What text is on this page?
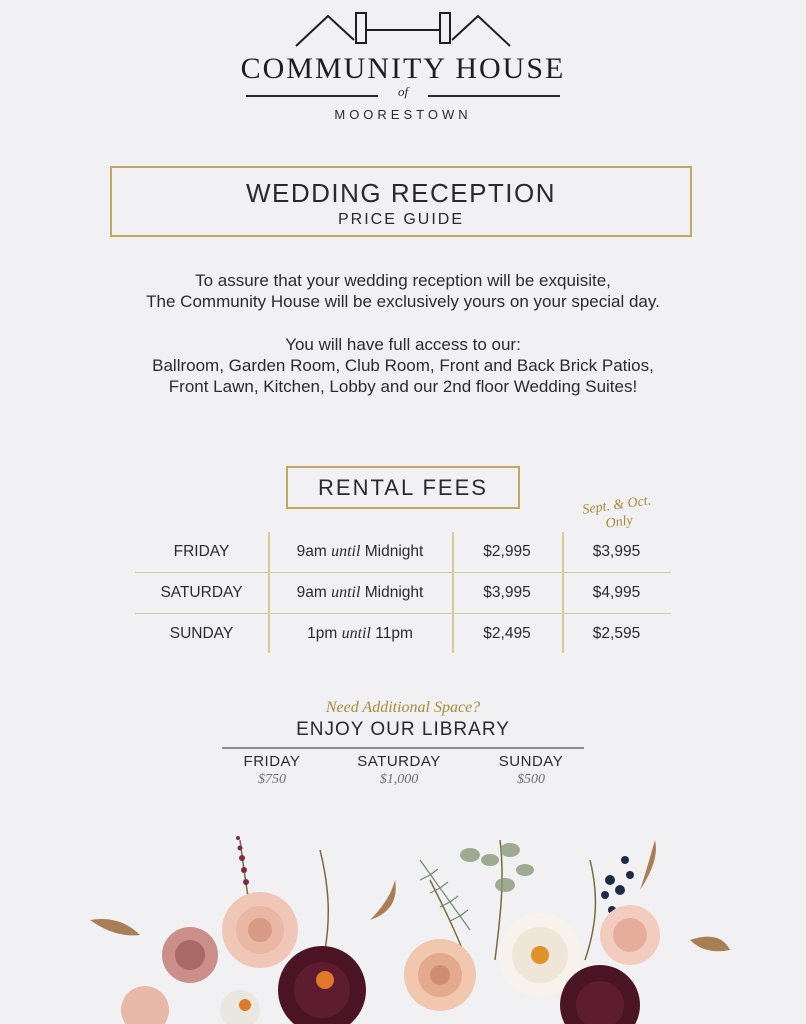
COMMUNITY HOUSE
of
MOORESTOWN
WEDDING RECEPTION
PRICE GUIDE
To assure that your wedding reception will be exquisite,
The Community House will be exclusively yours on your special day.
You will have full access to our:
Ballroom, Garden Room, Club Room, Front and Back Brick Patios,
Front Lawn, Kitchen, Lobby and our 2nd floor Wedding Suites!
RENTAL FEES
Sept. & Oct. Only
FRIDAY	9am until Midnight	$2,995	$3,995
SATURDAY	9am until Midnight	$3,995	$4,995
SUNDAY	1pm until 11pm	$2,495	$2,595
Need Additional Space?
ENJOY OUR LIBRARY
FRIDAY
$750
SATURDAY
$1,000
SUNDAY
$500
